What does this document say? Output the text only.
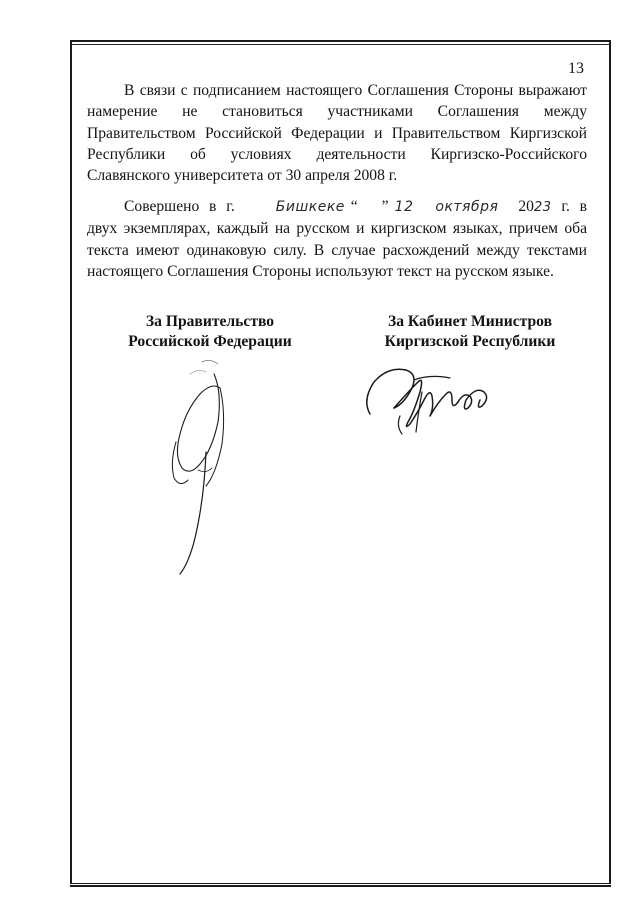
13

В связи с подписанием настоящего Соглашения Стороны выражают намерение не становиться участниками Соглашения между Правительством Российской Федерации и Правительством Киргизской Республики об условиях деятельности Киргизско-Российского Славянского университета от 30 апреля 2008 г.

Совершено в г.	Бишкеке “	12”	октября 2023 г. в двух экземплярах, каждый на русском и киргизском языках, причем оба текста имеют одинаковую силу. В случае расхождений между текстами настоящего Соглашения Стороны используют текст на русском языке.

За Правительство
Российской Федерации

За Кабинет Министров
Киргизской Республики
